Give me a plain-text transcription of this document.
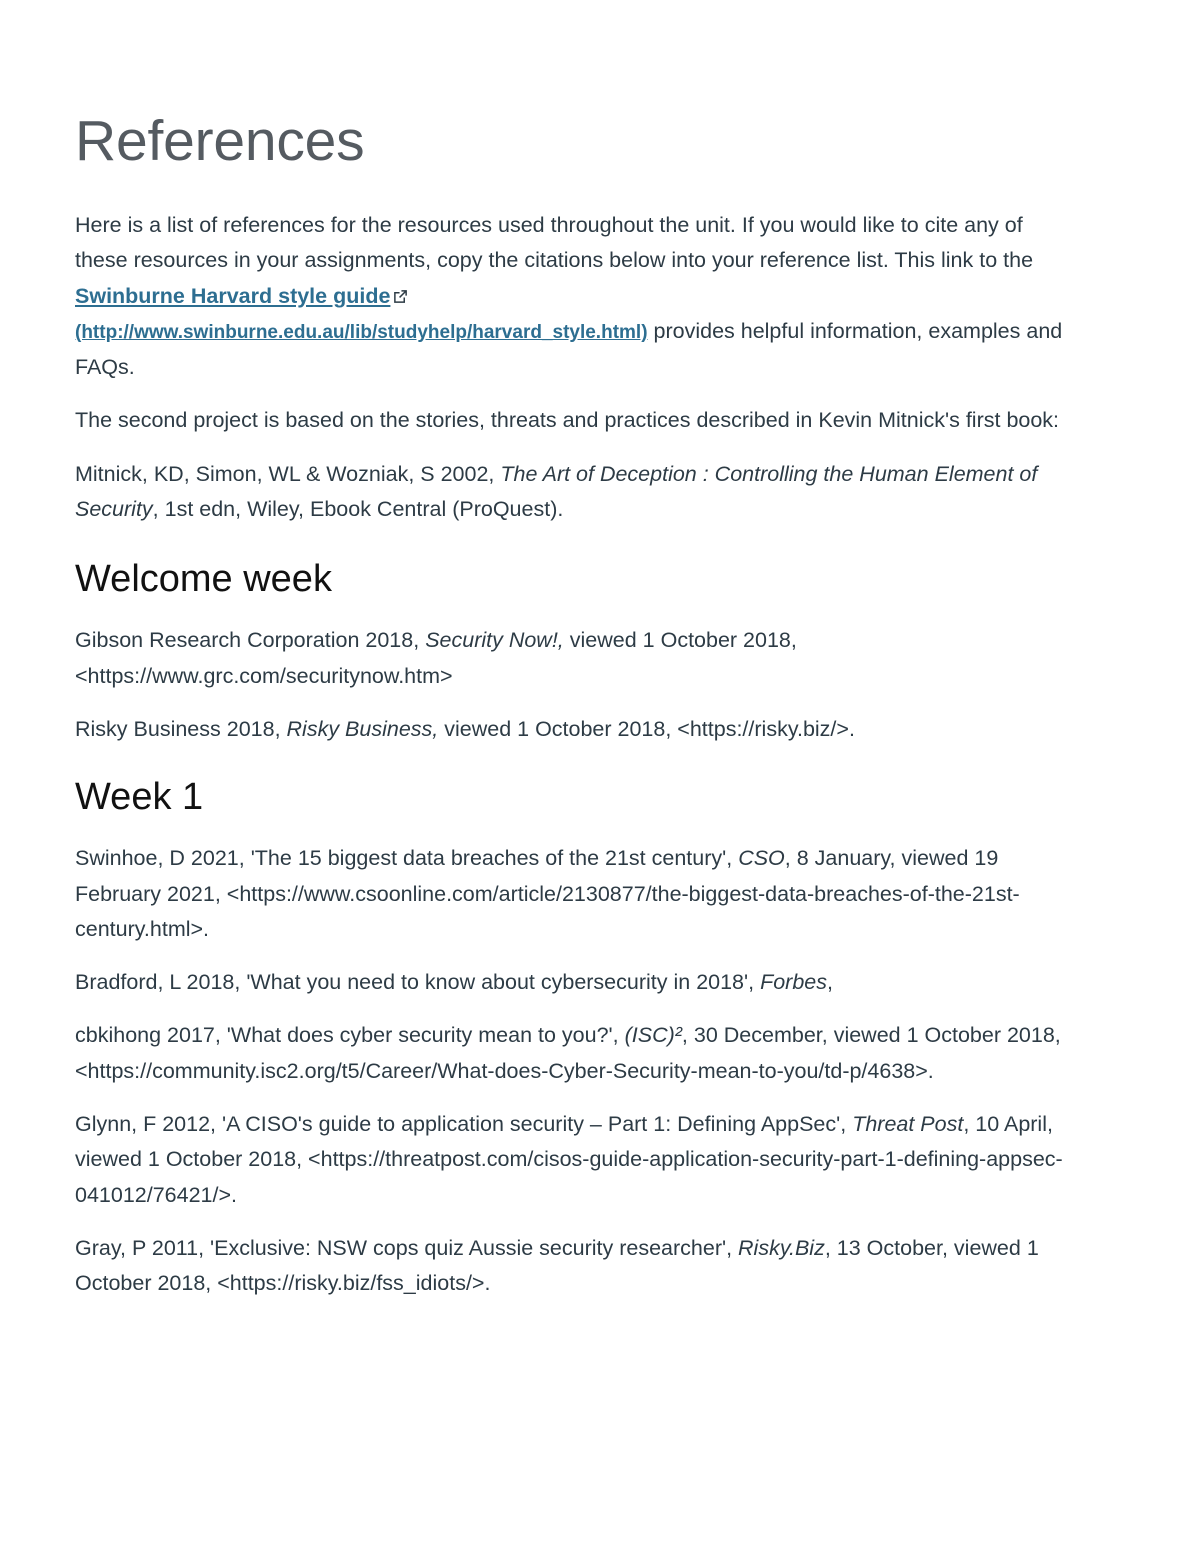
References

Here is a list of references for the resources used throughout the unit. If you would like to cite any of these resources in your assignments, copy the citations below into your reference list. This link to the Swinburne Harvard style guide
(http://www.swinburne.edu.au/lib/studyhelp/harvard_style.html) provides helpful information, examples and FAQs.

The second project is based on the stories, threats and practices described in Kevin Mitnick's first book:

Mitnick, KD, Simon, WL & Wozniak, S 2002, The Art of Deception : Controlling the Human Element of Security, 1st edn, Wiley, Ebook Central (ProQuest).

Welcome week

Gibson Research Corporation 2018, Security Now!, viewed 1 October 2018, <https://www.grc.com/securitynow.htm>

Risky Business 2018, Risky Business, viewed 1 October 2018, <https://risky.biz/>.

Week 1

Swinhoe, D 2021, 'The 15 biggest data breaches of the 21st century', CSO, 8 January, viewed 19 February 2021, <https://www.csoonline.com/article/2130877/the-biggest-data-breaches-of-the-21st-century.html>.

Bradford, L 2018, 'What you need to know about cybersecurity in 2018', Forbes,

cbkihong 2017, 'What does cyber security mean to you?', (ISC)², 30 December, viewed 1 October 2018, <https://community.isc2.org/t5/Career/What-does-Cyber-Security-mean-to-you/td-p/4638>.

Glynn, F 2012, 'A CISO's guide to application security – Part 1: Defining AppSec', Threat Post, 10 April, viewed 1 October 2018, <https://threatpost.com/cisos-guide-application-security-part-1-defining-appsec-041012/76421/>.

Gray, P 2011, 'Exclusive: NSW cops quiz Aussie security researcher', Risky.Biz, 13 October, viewed 1 October 2018, <https://risky.biz/fss_idiots/>.
